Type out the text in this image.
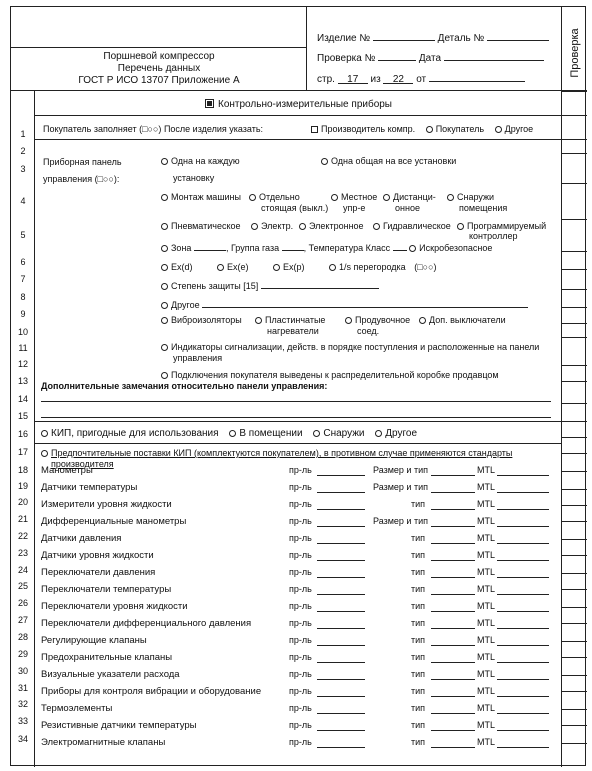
Поршневой компрессор
Перечень данных
ГОСТ Р ИСО 13707 Приложение А
Изделие №	Деталь №
Проверка №	Дата
стр. 17 из 22 от
Проверка
1
2
3
4
5
6
7
8
9
10
11
12
13
14
15
16
17
18
19
20
21
22
23
24
25
26
27
28
29
30
31
32
33
34
Контрольно-измерительные приборы
Покупатель заполняет (□○○) После изделия указать:	Производитель компр. Покупатель Другое
Приборная панель
управления (□○○):
Одна на каждую
установку
Одна общая на все установки
Монтаж машины	Отдельно
стоящая (выкл.)
Местное
упр-е
Дистанци-
онное
Снаружи
помещения
Пневматическое	Электр.	Электронное	Гидравлическое	Программируемый
контроллер
Зона	, Группа газа	, Температура Класс	Искробезопасное
Ex(d)	Ex(e)	Ex(p)	1/s перегородка (□○○)
Степень защиты [15]
Другое
Виброизоляторы	Пластинчатые
нагреватели
Продувочное
соед.
Доп. выключатели
Индикаторы сигнализации, действ. в порядке поступления и расположенные на панели
управления
Подключения покупателя выведены к распределительной коробке продавцом
Дополнительные замечания относительно панели управления:
КИП, пригодные для использования В помещении Снаружи Другое
Предпочтительные поставки КИП (комплектуются покупателем), в противном случае применяются стандарты
производителя
Манометры	пр-ль	Размер и тип	MTL
Датчики температуры	пр-ль	Размер и тип	MTL
Измерители уровня жидкости	пр-ль	тип	MTL
Дифференциальные манометры	пр-ль	Размер и тип	MTL
Датчики давления	пр-ль	тип	MTL
Датчики уровня жидкости	пр-ль	тип	MTL
Переключатели давления	пр-ль	тип	MTL
Переключатели температуры	пр-ль	тип	MTL
Переключатели уровня жидкости	пр-ль	тип	MTL
Переключатели дифференциального давления	пр-ль	тип	MTL
Регулирующие клапаны	пр-ль	тип	MTL
Предохранительные клапаны	пр-ль	тип	MTL
Визуальные указатели расхода	пр-ль	тип	MTL
Приборы для контроля вибрации и оборудование	пр-ль	тип	MTL
Термоэлементы	пр-ль	тип	MTL
Резистивные датчики температуры	пр-ль	тип	MTL
Электромагнитные клапаны	пр-ль	тип	MTL
